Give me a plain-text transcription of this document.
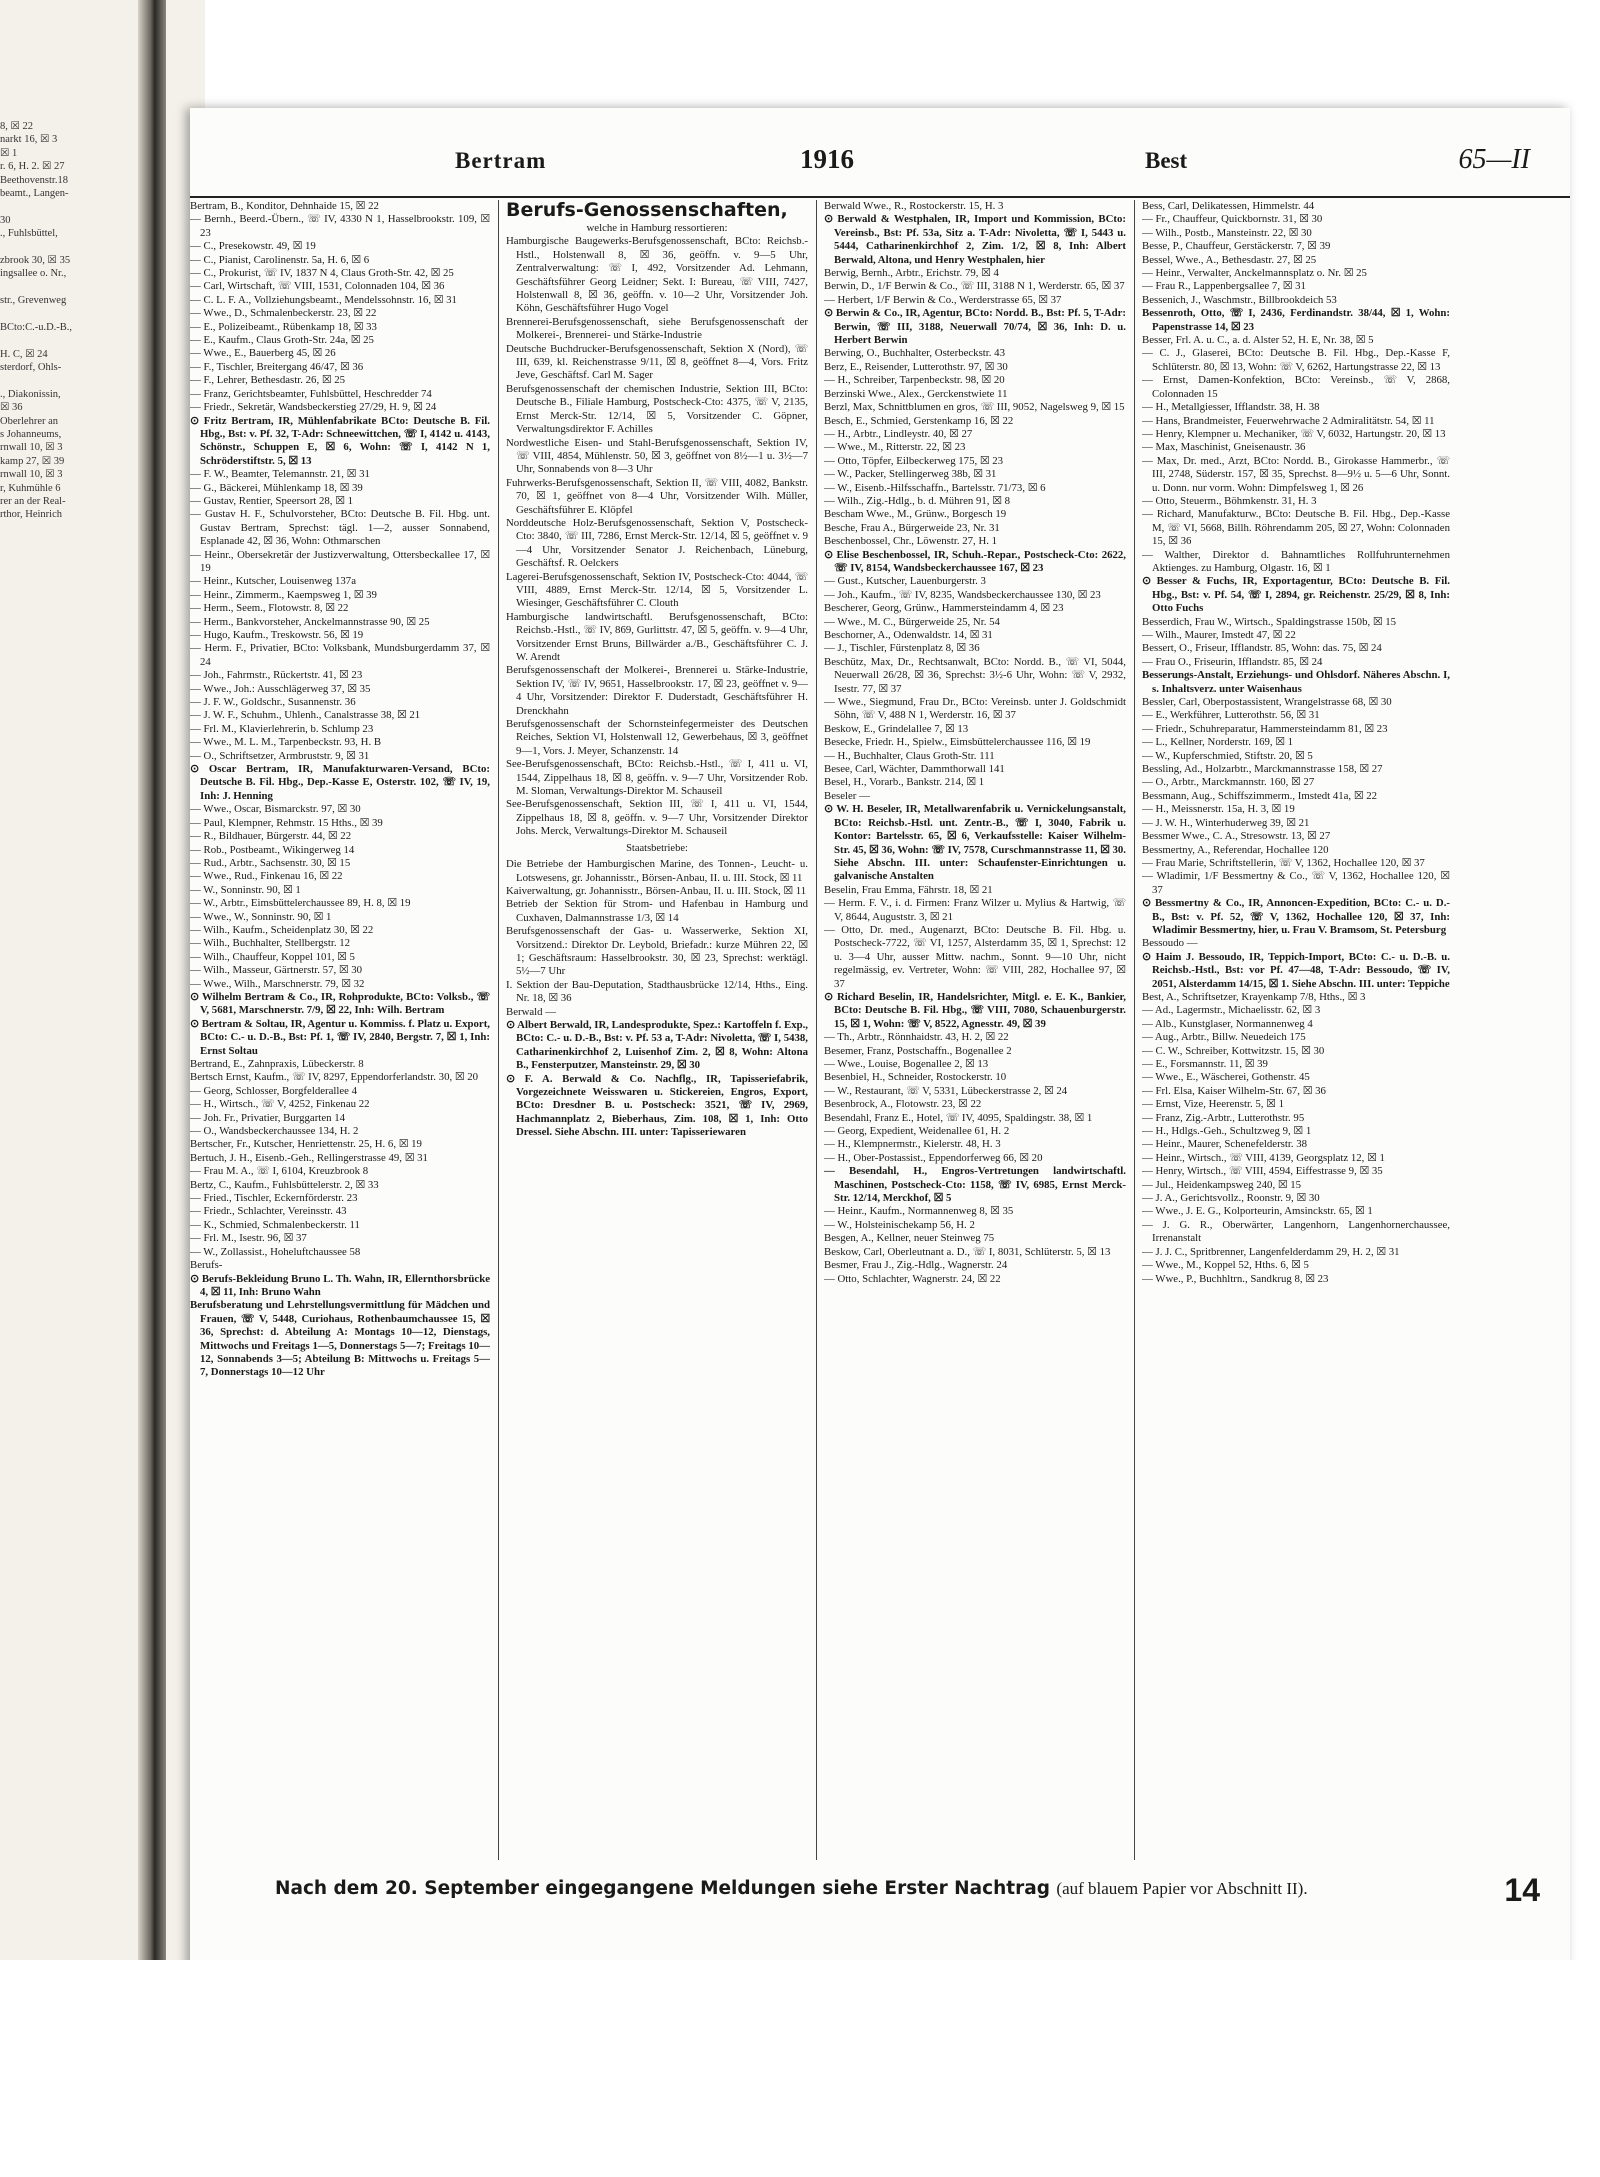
8, ☒ 22
narkt 16, ☒ 3
☒ 1
r. 6, H. 2. ☒ 27
Beethovenstr.18
beamt., Langen-
30
., Fuhlsbüttel,
zbrook 30, ☒ 35
ingsallee o. Nr.,
str., Grevenweg
BCto:C.-u.D.-B.,
H. C, ☒ 24
sterdorf, Ohls-
., Diakonissin,
☒ 36
Oberlehrer an
s Johanneums,
rnwall 10, ☒ 3
kamp 27, ☒ 39
rnwall 10, ☒ 3
r, Kuhmühle 6
rer an der Real-
rthor, Heinrich
Bertram	1916	Best	65—II

Bertram, B., Konditor, Dehnhaide 15, ☒ 22

— Bernh., Beerd.-Übern., ☏ IV, 4330 N 1, Hasselbrookstr. 109, ☒ 23

— C., Presekowstr. 49, ☒ 19

— C., Pianist, Carolinenstr. 5a, H. 6, ☒ 6

— C., Prokurist, ☏ IV, 1837 N 4, Claus Groth-Str. 42, ☒ 25

— Carl, Wirtschaft, ☏ VIII, 1531, Colonnaden 104, ☒ 36

— C. L. F. A., Vollziehungsbeamt., Mendelssohnstr. 16, ☒ 31

— Wwe., D., Schmalenbeckerstr. 23, ☒ 22

— E., Polizeibeamt., Rübenkamp 18, ☒ 33

— E., Kaufm., Claus Groth-Str. 24a, ☒ 25

— Wwe., E., Bauerberg 45, ☒ 26

— F., Tischler, Breitergang 46/47, ☒ 36

— F., Lehrer, Bethesdastr. 26, ☒ 25

— Franz, Gerichtsbeamter, Fuhlsbüttel, Heschredder 74

— Friedr., Sekretär, Wandsbeckerstieg 27/29, H. 9, ☒ 24

⊙ Fritz Bertram, IR, Mühlenfabrikate BCto: Deutsche B. Fil. Hbg., Bst: v. Pf. 32, T-Adr: Schneewittchen, ☏ I, 4142 u. 4143, Schönstr., Schuppen E, ☒ 6, Wohn: ☏ I, 4142 N 1, Schröderstiftstr. 5, ☒ 13

— F. W., Beamter, Telemannstr. 21, ☒ 31

— G., Bäckerei, Mühlenkamp 18, ☒ 39

— Gustav, Rentier, Speersort 28, ☒ 1

— Gustav H. F., Schulvorsteher, BCto: Deutsche B. Fil. Hbg. unt. Gustav Bertram, Sprechst: tägl. 1—2, ausser Sonnabend, Esplanade 42, ☒ 36, Wohn: Othmarschen

— Heinr., Obersekretär der Justizverwaltung, Ottersbeckallee 17, ☒ 19

— Heinr., Kutscher, Louisenweg 137a

— Heinr., Zimmerm., Kaempsweg 1, ☒ 39

— Herm., Seem., Flotowstr. 8, ☒ 22

— Herm., Bankvorsteher, Anckelmannstrasse 90, ☒ 25

— Hugo, Kaufm., Treskowstr. 56, ☒ 19

— Herm. F., Privatier, BCto: Volksbank, Mundsburgerdamm 37, ☒ 24

— Joh., Fahrmstr., Rückertstr. 41, ☒ 23

— Wwe., Joh.: Ausschlägerweg 37, ☒ 35

— J. F. W., Goldschr., Susannenstr. 36

— J. W. F., Schuhm., Uhlenh., Canalstrasse 38, ☒ 21

— Frl. M., Klavierlehrerin, b. Schlump 23

— Wwe., M. L. M., Tarpenbeckstr. 93, H. B

— O., Schriftsetzer, Armbruststr. 9, ☒ 31

⊙ Oscar Bertram, IR, Manufakturwaren-Versand, BCto: Deutsche B. Fil. Hbg., Dep.-Kasse E, Osterstr. 102, ☏ IV, 19, Inh: J. Henning

— Wwe., Oscar, Bismarckstr. 97, ☒ 30

— Paul, Klempner, Rehmstr. 15 Hths., ☒ 39

— R., Bildhauer, Bürgerstr. 44, ☒ 22

— Rob., Postbeamt., Wikingerweg 14

— Rud., Arbtr., Sachsenstr. 30, ☒ 15

— Wwe., Rud., Finkenau 16, ☒ 22

— W., Sonninstr. 90, ☒ 1

— W., Arbtr., Eimsbüttelerchaussee 89, H. 8, ☒ 19

— Wwe., W., Sonninstr. 90, ☒ 1

— Wilh., Kaufm., Scheidenplatz 30, ☒ 22

— Wilh., Buchhalter, Stellbergstr. 12

— Wilh., Chauffeur, Koppel 101, ☒ 5

— Wilh., Masseur, Gärtnerstr. 57, ☒ 30

— Wwe., Wilh., Marschnerstr. 79, ☒ 32

⊙ Wilhelm Bertram & Co., IR, Rohprodukte, BCto: Volksb., ☏ V, 5681, Marschnerstr. 7/9, ☒ 22, Inh: Wilh. Bertram

⊙ Bertram & Soltau, IR, Agentur u. Kommiss. f. Platz u. Export, BCto: C.- u. D.-B., Bst: Pf. 1, ☏ IV, 2840, Bergstr. 7, ☒ 1, Inh: Ernst Soltau

Bertrand, E., Zahnpraxis, Lübeckerstr. 8

Bertsch Ernst, Kaufm., ☏ IV, 8297, Eppendorferlandstr. 30, ☒ 20

— Georg, Schlosser, Borgfelderallee 4

— H., Wirtsch., ☏ V, 4252, Finkenau 22

— Joh. Fr., Privatier, Burggarten 14

— O., Wandsbeckerchaussee 134, H. 2

Bertscher, Fr., Kutscher, Henriettenstr. 25, H. 6, ☒ 19

Bertuch, J. H., Eisenb.-Geh., Rellingerstrasse 49, ☒ 31

— Frau M. A., ☏ I, 6104, Kreuzbrook 8

Bertz, C., Kaufm., Fuhlsbüttelerstr. 2, ☒ 33

— Fried., Tischler, Eckernförderstr. 23

— Friedr., Schlachter, Vereinsstr. 43

— K., Schmied, Schmalenbeckerstr. 11

— Frl. M., Isestr. 96, ☒ 37

— W., Zollassist., Hoheluftchaussee 58

Berufs-

⊙ Berufs-Bekleidung Bruno L. Th. Wahn, IR, Ellernthorsbrücke 4, ☒ 11, Inh: Bruno Wahn

Berufsberatung und Lehrstellungsvermittlung für Mädchen und Frauen, ☏ V, 5448, Curiohaus, Rothenbaumchaussee 15, ☒ 36, Sprechst: d. Abteilung A: Montags 10—12, Dienstags, Mittwochs und Freitags 1—5, Donnerstags 5—7; Freitags 10—12, Sonnabends 3—5; Abteilung B: Mittwochs u. Freitags 5—7, Donnerstags 10—12 Uhr

Berufs-Genossenschaften,
welche in Hamburg ressortieren:

Hamburgische Baugewerks-Berufsgenossenschaft, BCto: Reichsb.-Hstl., Holstenwall 8, ☒ 36, geöffn. v. 9—5 Uhr, Zentralverwaltung: ☏ I, 492, Vorsitzender Ad. Lehmann, Geschäftsführer Georg Leidner; Sekt. I: Bureau, ☏ VIII, 7427, Holstenwall 8, ☒ 36, geöffn. v. 10—2 Uhr, Vorsitzender Joh. Köhn, Geschäftsführer Hugo Vogel

Brennerei-Berufsgenossenschaft, siehe Berufsgenossenschaft der Molkerei-, Brennerei- und Stärke-Industrie

Deutsche Buchdrucker-Berufsgenossenschaft, Sektion X (Nord), ☏ III, 639, kl. Reichenstrasse 9/11, ☒ 8, geöffnet 8—4, Vors. Fritz Jeve, Geschäftsf. Carl M. Sager

Berufsgenossenschaft der chemischen Industrie, Sektion III, BCto: Deutsche B., Filiale Hamburg, Postscheck-Cto: 4375, ☏ V, 2135, Ernst Merck-Str. 12/14, ☒ 5, Vorsitzender C. Göpner, Verwaltungsdirektor F. Achilles

Nordwestliche Eisen- und Stahl-Berufsgenossenschaft, Sektion IV, ☏ VIII, 4854, Mühlenstr. 50, ☒ 3, geöffnet von 8½—1 u. 3½—7 Uhr, Sonnabends von 8—3 Uhr

Fuhrwerks-Berufsgenossenschaft, Sektion II, ☏ VIII, 4082, Bankstr. 70, ☒ 1, geöffnet von 8—4 Uhr, Vorsitzender Wilh. Müller, Geschäftsführer E. Klöpfel

Norddeutsche Holz-Berufsgenossenschaft, Sektion V, Postscheck-Cto: 3840, ☏ III, 7286, Ernst Merck-Str. 12/14, ☒ 5, geöffnet v. 9—4 Uhr, Vorsitzender Senator J. Reichenbach, Lüneburg, Geschäftsf. R. Oelckers

Lagerei-Berufsgenossenschaft, Sektion IV, Postscheck-Cto: 4044, ☏ VIII, 4889, Ernst Merck-Str. 12/14, ☒ 5, Vorsitzender L. Wiesinger, Geschäftsführer C. Clouth

Hamburgische landwirtschaftl. Berufsgenossenschaft, BCto: Reichsb.-Hstl., ☏ IV, 869, Gurlittstr. 47, ☒ 5, geöffn. v. 9—4 Uhr, Vorsitzender Ernst Bruns, Billwärder a./B., Geschäftsführer C. J. W. Arendt

Berufsgenossenschaft der Molkerei-, Brennerei u. Stärke-Industrie, Sektion IV, ☏ IV, 9651, Hasselbrookstr. 17, ☒ 23, geöffnet v. 9—4 Uhr, Vorsitzender: Direktor F. Duderstadt, Geschäftsführer H. Drenckhahn

Berufsgenossenschaft der Schornsteinfegermeister des Deutschen Reiches, Sektion VI, Holstenwall 12, Gewerbehaus, ☒ 3, geöffnet 9—1, Vors. J. Meyer, Schanzenstr. 14

See-Berufsgenossenschaft, BCto: Reichsb.-Hstl., ☏ I, 411 u. VI, 1544, Zippelhaus 18, ☒ 8, geöffn. v. 9—7 Uhr, Vorsitzender Rob. M. Sloman, Verwaltungs-Direktor M. Schauseil

See-Berufsgenossenschaft, Sektion III, ☏ I, 411 u. VI, 1544, Zippelhaus 18, ☒ 8, geöffn. v. 9—7 Uhr, Vorsitzender Direktor Johs. Merck, Verwaltungs-Direktor M. Schauseil

Staatsbetriebe:

Die Betriebe der Hamburgischen Marine, des Tonnen-, Leucht- u. Lotswesens, gr. Johannisstr., Börsen-Anbau, II. u. III. Stock, ☒ 11

Kaiverwaltung, gr. Johannisstr., Börsen-Anbau, II. u. III. Stock, ☒ 11

Betrieb der Sektion für Strom- und Hafenbau in Hamburg und Cuxhaven, Dalmannstrasse 1/3, ☒ 14

Berufsgenossenschaft der Gas- u. Wasserwerke, Sektion XI, Vorsitzend.: Direktor Dr. Leybold, Briefadr.: kurze Mühren 22, ☒ 1; Geschäftsraum: Hasselbrookstr. 30, ☒ 23, Sprechst: werktägl. 5½—7 Uhr

I. Sektion der Bau-Deputation, Stadthausbrücke 12/14, Hths., Eing. Nr. 18, ☒ 36

Berwald —

⊙ Albert Berwald, IR, Landesprodukte, Spez.: Kartoffeln f. Exp., BCto: C.- u. D.-B., Bst: v. Pf. 53 a, T-Adr: Nivoletta, ☏ I, 5438, Catharinenkirchhof 2, Luisenhof Zim. 2, ☒ 8, Wohn: Altona B., Fensterputzer, Mansteinstr. 29, ☒ 30

⊙ F. A. Berwald & Co. Nachflg., IR, Tapisseriefabrik, Vorgezeichnete Weisswaren u. Stickereien, Engros, Export, BCto: Dresdner B. u. Postscheck: 3521, ☏ IV, 2969, Hachmannplatz 2, Bieberhaus, Zim. 108, ☒ 1, Inh: Otto Dressel. Siehe Abschn. III. unter: Tapisseriewaren

Berwald Wwe., R., Rostockerstr. 15, H. 3

⊙ Berwald & Westphalen, IR, Import und Kommission, BCto: Vereinsb., Bst: Pf. 53a, Sitz a. T-Adr: Nivoletta, ☏ I, 5443 u. 5444, Catharinenkirchhof 2, Zim. 1/2, ☒ 8, Inh: Albert Berwald, Altona, und Henry Westphalen, hier

Berwig, Bernh., Arbtr., Erichstr. 79, ☒ 4

Berwin, D., 1/F Berwin & Co., ☏ III, 3188 N 1, Werderstr. 65, ☒ 37

— Herbert, 1/F Berwin & Co., Werderstrasse 65, ☒ 37

⊙ Berwin & Co., IR, Agentur, BCto: Nordd. B., Bst: Pf. 5, T-Adr: Berwin, ☏ III, 3188, Neuerwall 70/74, ☒ 36, Inh: D. u. Herbert Berwin

Berwing, O., Buchhalter, Osterbeckstr. 43

Berz, E., Reisender, Lutterothstr. 97, ☒ 30

— H., Schreiber, Tarpenbeckstr. 98, ☒ 20

Berzinski Wwe., Alex., Gerckenstwiete 11

Berzl, Max, Schnittblumen en gros, ☏ III, 9052, Nagelsweg 9, ☒ 15

Besch, E., Schmied, Gerstenkamp 16, ☒ 22

— H., Arbtr., Lindleystr. 40, ☒ 27

— Wwe., M., Ritterstr. 22, ☒ 23

— Otto, Töpfer, Eilbeckerweg 175, ☒ 23

— W., Packer, Stellingerweg 38b, ☒ 31

— W., Eisenb.-Hilfsschaffn., Bartelsstr. 71/73, ☒ 6

— Wilh., Zig.-Hdlg., b. d. Mühren 91, ☒ 8

Bescham Wwe., M., Grünw., Borgesch 19

Besche, Frau A., Bürgerweide 23, Nr. 31

Beschenbossel, Chr., Löwenstr. 27, H. 1

⊙ Elise Beschenbossel, IR, Schuh.-Repar., Postscheck-Cto: 2622, ☏ IV, 8154, Wandsbeckerchaussee 167, ☒ 23

— Gust., Kutscher, Lauenburgerstr. 3

— Joh., Kaufm., ☏ IV, 8235, Wandsbeckerchaussee 130, ☒ 23

Bescherer, Georg, Grünw., Hammersteindamm 4, ☒ 23

— Wwe., M. C., Bürgerweide 25, Nr. 54

Beschorner, A., Odenwaldstr. 14, ☒ 31

— J., Tischler, Fürstenplatz 8, ☒ 36

Beschütz, Max, Dr., Rechtsanwalt, BCto: Nordd. B., ☏ VI, 5044, Neuerwall 26/28, ☒ 36, Sprechst: 3½-6 Uhr, Wohn: ☏ V, 2932, Isestr. 77, ☒ 37

— Wwe., Siegmund, Frau Dr., BCto: Vereinsb. unter J. Goldschmidt Söhn, ☏ V, 488 N 1, Werderstr. 16, ☒ 37

Beskow, E., Grindelallee 7, ☒ 13

Besecke, Friedr. H., Spielw., Eimsbüttelerchaussee 116, ☒ 19

— H., Buchhalter, Claus Groth-Str. 111

Besee, Carl, Wächter, Dammthorwall 141

Besel, H., Vorarb., Bankstr. 214, ☒ 1

Beseler —

⊙ W. H. Beseler, IR, Metallwarenfabrik u. Vernickelungsanstalt, BCto: Reichsb.-Hstl. unt. Zentr.-B., ☏ I, 3040, Fabrik u. Kontor: Bartelsstr. 65, ☒ 6, Verkaufsstelle: Kaiser Wilhelm-Str. 45, ☒ 36, Wohn: ☏ IV, 7578, Curschmannstrasse 11, ☒ 30. Siehe Abschn. III. unter: Schaufenster-Einrichtungen u. galvanische Anstalten

Beselin, Frau Emma, Fährstr. 18, ☒ 21

— Herm. F. V., i. d. Firmen: Franz Wilzer u. Mylius & Hartwig, ☏ V, 8644, Auguststr. 3, ☒ 21

— Otto, Dr. med., Augenarzt, BCto: Deutsche B. Fil. Hbg. u. Postscheck-7722, ☏ VI, 1257, Alsterdamm 35, ☒ 1, Sprechst: 12 u. 3—4 Uhr, ausser Mittw. nachm., Sonnt. 9—10 Uhr, nicht regelmässig, ev. Vertreter, Wohn: ☏ VIII, 282, Hochallee 97, ☒ 37

⊙ Richard Beselin, IR, Handelsrichter, Mitgl. e. E. K., Bankier, BCto: Deutsche B. Fil. Hbg., ☏ VIII, 7080, Schauenburgerstr. 15, ☒ 1, Wohn: ☏ V, 8522, Agnesstr. 49, ☒ 39

— Th., Arbtr., Rönnhaidstr. 43, H. 2, ☒ 22

Besemer, Franz, Postschaffn., Bogenallee 2

— Wwe., Louise, Bogenallee 2, ☒ 13

Besenbiel, H., Schneider, Rostockerstr. 10

— W., Restaurant, ☏ V, 5331, Lübeckerstrasse 2, ☒ 24

Besenbrock, A., Flotowstr. 23, ☒ 22

Besendahl, Franz E., Hotel, ☏ IV, 4095, Spaldingstr. 38, ☒ 1

— Georg, Expedient, Weidenallee 61, H. 2

— H., Klempnermstr., Kielerstr. 48, H. 3

— H., Ober-Postassist., Eppendorferweg 66, ☒ 20

— Besendahl, H., Engros-Vertretungen landwirtschaftl. Maschinen, Postscheck-Cto: 1158, ☏ IV, 6985, Ernst Merck-Str. 12/14, Merckhof, ☒ 5

— Heinr., Kaufm., Normannenweg 8, ☒ 35

— W., Holsteinischekamp 56, H. 2

Besgen, A., Kellner, neuer Steinweg 75

Beskow, Carl, Oberleutnant a. D., ☏ I, 8031, Schlüterstr. 5, ☒ 13

Besmer, Frau J., Zig.-Hdlg., Wagnerstr. 24

— Otto, Schlachter, Wagnerstr. 24, ☒ 22

Bess, Carl, Delikatessen, Himmelstr. 44

— Fr., Chauffeur, Quickbornstr. 31, ☒ 30

— Wilh., Postb., Mansteinstr. 22, ☒ 30

Besse, P., Chauffeur, Gerstäckerstr. 7, ☒ 39

Bessel, Wwe., A., Bethesdastr. 27, ☒ 25

— Heinr., Verwalter, Anckelmannsplatz o. Nr. ☒ 25

— Frau R., Lappenbergsallee 7, ☒ 31

Bessenich, J., Waschmstr., Billbrookdeich 53

Bessenroth, Otto, ☏ I, 2436, Ferdinandstr. 38/44, ☒ 1, Wohn: Papenstrasse 14, ☒ 23

Besser, Frl. A. u. C., a. d. Alster 52, H. E, Nr. 38, ☒ 5

— C. J., Glaserei, BCto: Deutsche B. Fil. Hbg., Dep.-Kasse F, Schlüterstr. 80, ☒ 13, Wohn: ☏ V, 6262, Hartungstrasse 22, ☒ 13

— Ernst, Damen-Konfektion, BCto: Vereinsb., ☏ V, 2868, Colonnaden 15

— H., Metallgiesser, Ifflandstr. 38, H. 38

— Hans, Brandmeister, Feuerwehrwache 2 Admiralitätstr. 54, ☒ 11

— Henry, Klempner u. Mechaniker, ☏ V, 6032, Hartungstr. 20, ☒ 13

— Max, Maschinist, Gneisenaustr. 36

— Max, Dr. med., Arzt, BCto: Nordd. B., Girokasse Hammerbr., ☏ III, 2748, Süderstr. 157, ☒ 35, Sprechst. 8—9½ u. 5—6 Uhr, Sonnt. u. Donn. nur vorm. Wohn: Dimpfelsweg 1, ☒ 26

— Otto, Steuerm., Böhmkenstr. 31, H. 3

— Richard, Manufakturw., BCto: Deutsche B. Fil. Hbg., Dep.-Kasse M, ☏ VI, 5668, Billh. Röhrendamm 205, ☒ 27, Wohn: Colonnaden 15, ☒ 36

— Walther, Direktor d. Bahnamtliches Rollfuhrunternehmen Aktienges. zu Hamburg, Olgastr. 16, ☒ 1

⊙ Besser & Fuchs, IR, Exportagentur, BCto: Deutsche B. Fil. Hbg., Bst: v. Pf. 54, ☏ I, 2894, gr. Reichenstr. 25/29, ☒ 8, Inh: Otto Fuchs

Besserdich, Frau W., Wirtsch., Spaldingstrasse 150b, ☒ 15

— Wilh., Maurer, Imstedt 47, ☒ 22

Bessert, O., Friseur, Ifflandstr. 85, Wohn: das. 75, ☒ 24

— Frau O., Friseurin, Ifflandstr. 85, ☒ 24

Besserungs-Anstalt, Erziehungs- und Ohlsdorf. Näheres Abschn. I, s. Inhaltsverz. unter Waisenhaus

Bessler, Carl, Oberpostassistent, Wrangelstrasse 68, ☒ 30

— E., Werkführer, Lutterothstr. 56, ☒ 31

— Friedr., Schuhreparatur, Hammersteindamm 81, ☒ 23

— L., Kellner, Norderstr. 169, ☒ 1

— W., Kupferschmied, Stiftstr. 20, ☒ 5

Bessling, Ad., Holzarbtr., Marckmannstrasse 158, ☒ 27

— O., Arbtr., Marckmannstr. 160, ☒ 27

Bessmann, Aug., Schiffszimmerm., Imstedt 41a, ☒ 22

— H., Meissnerstr. 15a, H. 3, ☒ 19

— J. W. H., Winterhuderweg 39, ☒ 21

Bessmer Wwe., C. A., Stresowstr. 13, ☒ 27

Bessmertny, A., Referendar, Hochallee 120

— Frau Marie, Schriftstellerin, ☏ V, 1362, Hochallee 120, ☒ 37

— Wladimir, 1/F Bessmertny & Co., ☏ V, 1362, Hochallee 120, ☒ 37

⊙ Bessmertny & Co., IR, Annoncen-Expedition, BCto: C.- u. D.-B., Bst: v. Pf. 52, ☏ V, 1362, Hochallee 120, ☒ 37, Inh: Wladimir Bessmertny, hier, u. Frau V. Bramsom, St. Petersburg

Bessoudo —

⊙ Haim J. Bessoudo, IR, Teppich-Import, BCto: C.- u. D.-B. u. Reichsb.-Hstl., Bst: vor Pf. 47—48, T-Adr: Bessoudo, ☏ IV, 2051, Alsterdamm 14/15, ☒ 1. Siehe Abschn. III. unter: Teppiche

Best, A., Schriftsetzer, Krayenkamp 7/8, Hths., ☒ 3

— Ad., Lagermstr., Michaelisstr. 62, ☒ 3

— Alb., Kunstglaser, Normannenweg 4

— Aug., Arbtr., Billw. Neuedeich 175

— C. W., Schreiber, Kottwitzstr. 15, ☒ 30

— E., Forsmannstr. 11, ☒ 39

— Wwe., E., Wäscherei, Gothenstr. 45

— Frl. Elsa, Kaiser Wilhelm-Str. 67, ☒ 36

— Ernst, Vize, Heerenstr. 5, ☒ 1

— Franz, Zig.-Arbtr., Lutterothstr. 95

— H., Hdlgs.-Geh., Schultzweg 9, ☒ 1

— Heinr., Maurer, Schenefelderstr. 38

— Heinr., Wirtsch., ☏ VIII, 4139, Georgsplatz 12, ☒ 1

— Henry, Wirtsch., ☏ VIII, 4594, Eiffestrasse 9, ☒ 35

— Jul., Heidenkampsweg 240, ☒ 15

— J. A., Gerichtsvollz., Roonstr. 9, ☒ 30

— Wwe., J. E. G., Kolporteurin, Amsinckstr. 65, ☒ 1

— J. G. R., Oberwärter, Langenhorn, Langenhornerchaussee, Irrenanstalt

— J. J. C., Spritbrenner, Langenfelderdamm 29, H. 2, ☒ 31

— Wwe., M., Koppel 52, Hths. 6, ☒ 5

— Wwe., P., Buchhltrn., Sandkrug 8, ☒ 23

Nach dem 20. September eingegangene Meldungen siehe Erster Nachtrag (auf blauem Papier vor Abschnitt II).	14
